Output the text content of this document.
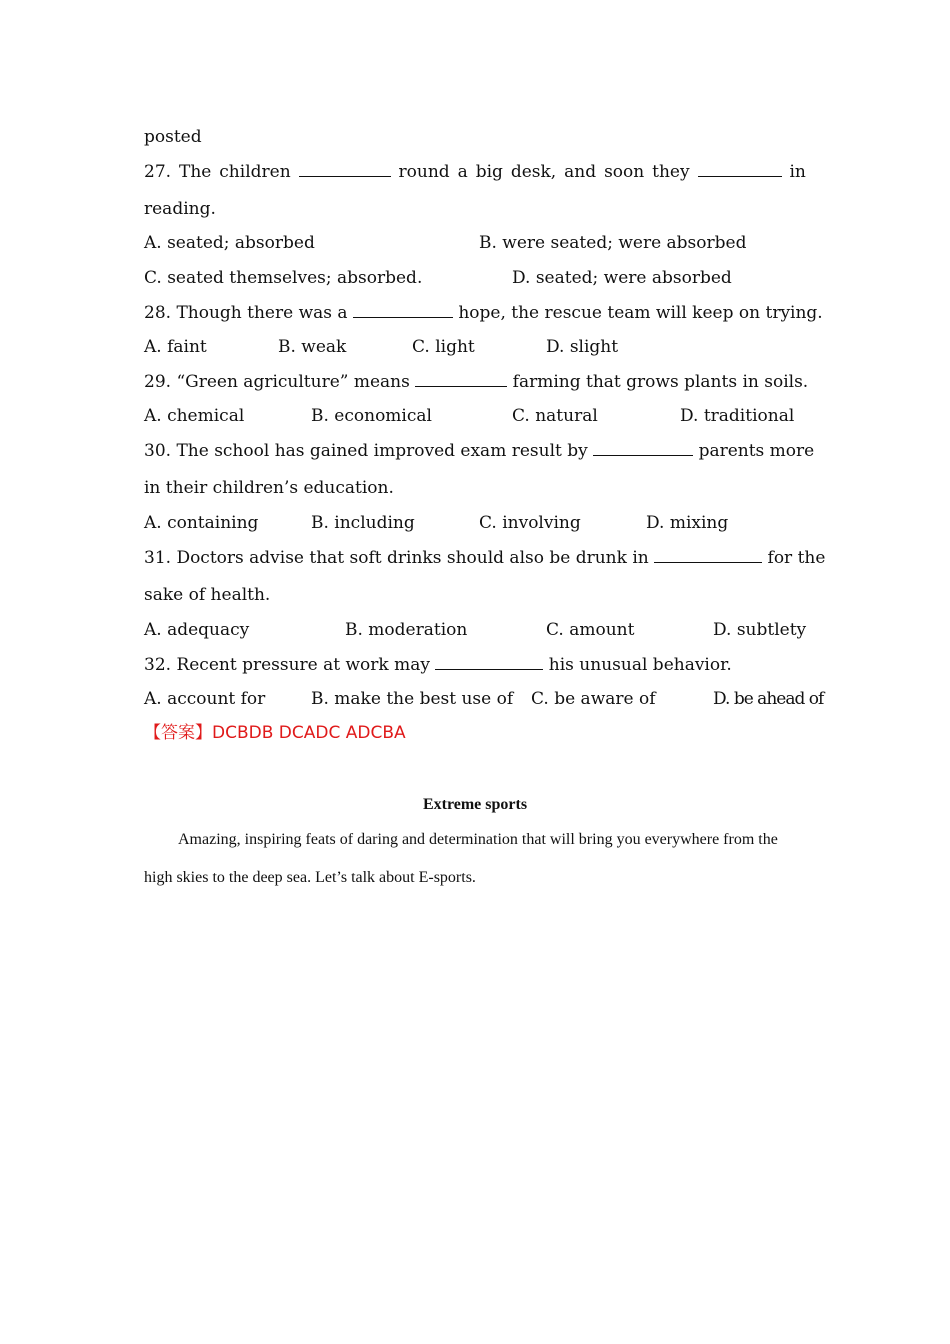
posted
27. The children	round a big desk, and soon they	in
reading.
A. seated; absorbed	B. were seated; were absorbed
C. seated themselves; absorbed.	D. seated; were absorbed
28. Though there was a	hope, the rescue team will keep on trying.
A. faint	B. weak	C. light	D. slight
29. “Green agriculture” means	farming that grows plants in soils.
A. chemical	B. economical	C. natural	D. traditional
30. The school has gained improved exam result by	parents more
in their children’s education.
A. containing	B. including	C. involving	D. mixing
31. Doctors advise that soft drinks should also be drunk in	for the
sake of health.
A. adequacy	B. moderation	C. amount	D. subtlety
32. Recent pressure at work may	his unusual behavior.
A. account for	B. make the best use of C. be aware of	D. be ahead of
【答案】DCBDB DCADC ADCBA
Extreme sports
Amazing, inspiring feats of daring and determination that will bring you everywhere from the
high skies to the deep sea. Let’s talk about E-sports.
